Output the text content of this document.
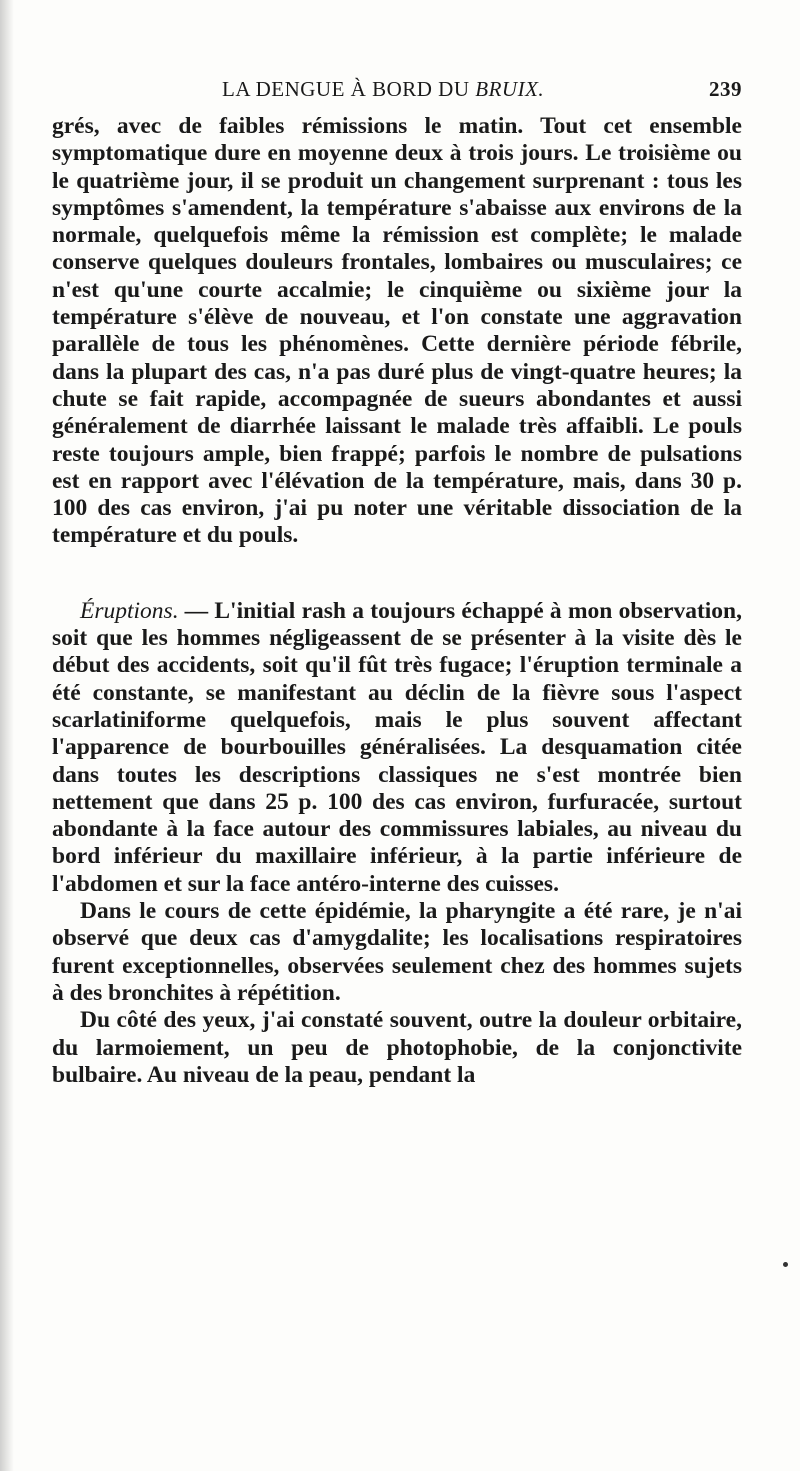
LA DENGUE À BORD DU BRUIX.	239

grés, avec de faibles rémissions le matin. Tout cet ensemble symptomatique dure en moyenne deux à trois jours. Le troisième ou le quatrième jour, il se produit un changement surprenant : tous les symptômes s'amendent, la température s'abaisse aux environs de la normale, quelquefois même la rémission est complète; le malade conserve quelques douleurs frontales, lombaires ou musculaires; ce n'est qu'une courte accalmie; le cinquième ou sixième jour la température s'élève de nouveau, et l'on constate une aggravation parallèle de tous les phénomènes. Cette dernière période fébrile, dans la plupart des cas, n'a pas duré plus de vingt-quatre heures; la chute se fait rapide, accompagnée de sueurs abondantes et aussi généralement de diarrhée laissant le malade très affaibli. Le pouls reste toujours ample, bien frappé; parfois le nombre de pulsations est en rapport avec l'élévation de la température, mais, dans 30 p. 100 des cas environ, j'ai pu noter une véritable dissociation de la température et du pouls.

Éruptions. — L'initial rash a toujours échappé à mon observation, soit que les hommes négligeassent de se présenter à la visite dès le début des accidents, soit qu'il fût très fugace; l'éruption terminale a été constante, se manifestant au déclin de la fièvre sous l'aspect scarlatiniforme quelquefois, mais le plus souvent affectant l'apparence de bourbouilles généralisées. La desquamation citée dans toutes les descriptions classiques ne s'est montrée bien nettement que dans 25 p. 100 des cas environ, furfuracée, surtout abondante à la face autour des commissures labiales, au niveau du bord inférieur du maxillaire inférieur, à la partie inférieure de l'abdomen et sur la face antéro-interne des cuisses.

Dans le cours de cette épidémie, la pharyngite a été rare, je n'ai observé que deux cas d'amygdalite; les localisations respiratoires furent exceptionnelles, observées seulement chez des hommes sujets à des bronchites à répétition.

Du côté des yeux, j'ai constaté souvent, outre la douleur orbitaire, du larmoiement, un peu de photophobie, de la conjonctivite bulbaire. Au niveau de la peau, pendant la
